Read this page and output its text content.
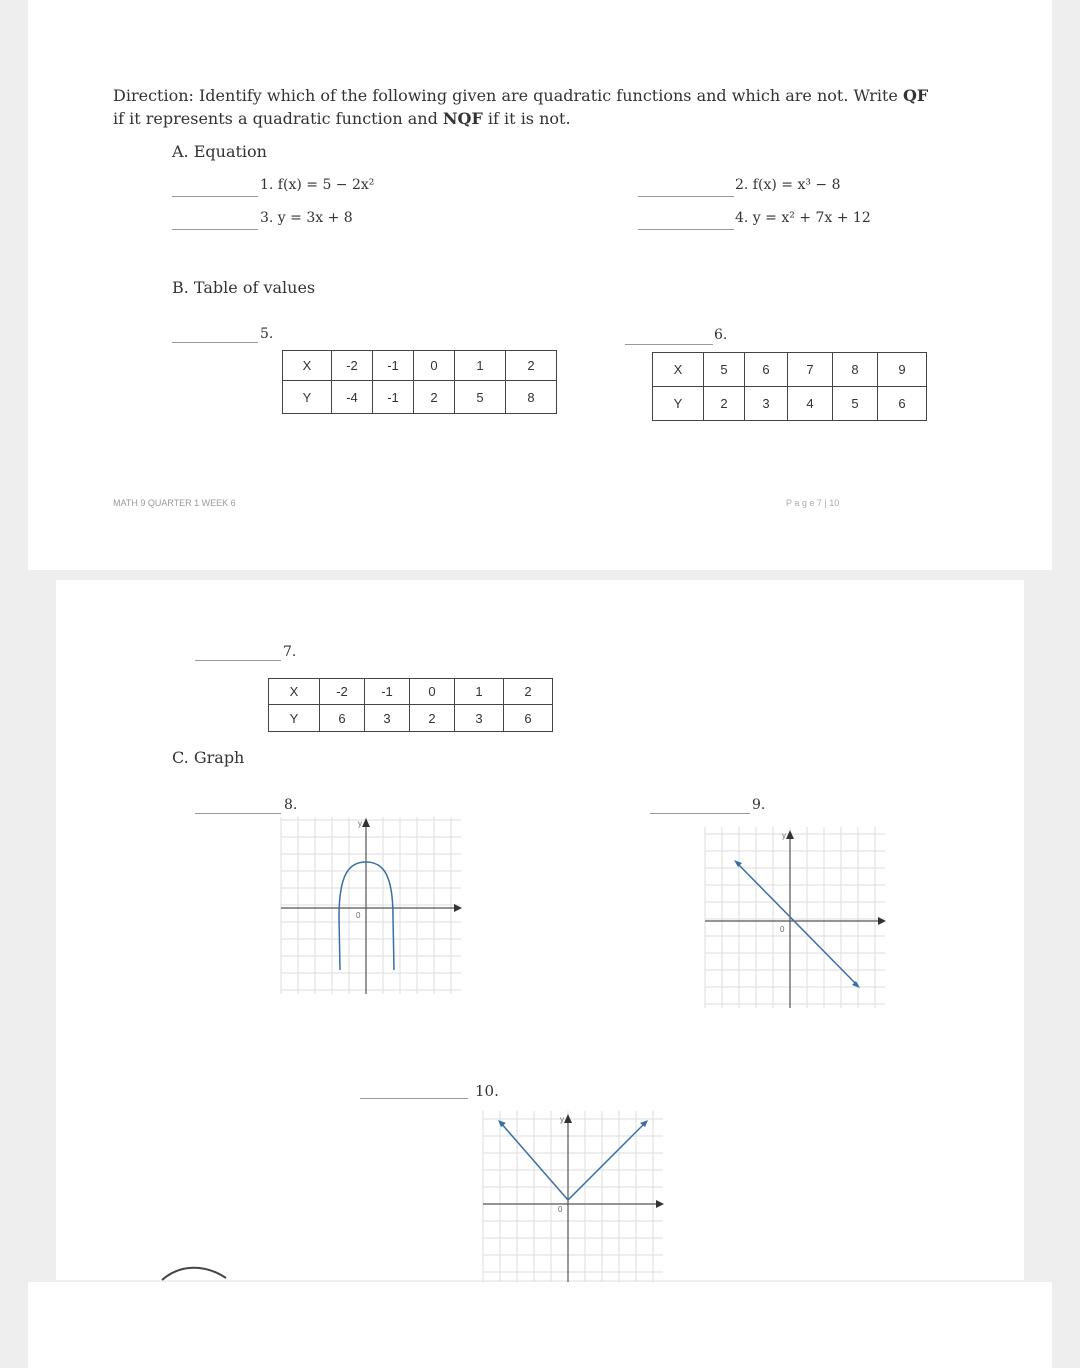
Direction: Identify which of the following given are quadratic functions and which are not. Write QF
if it represents a quadratic function and NQF if it is not.
A. Equation
1. f(x) = 5 − 2x²	2. f(x) = x³ − 8
3. y = 3x + 8	4. y = x² + 7x + 12
B. Table of values
5.
X	-2	-1	0	1	2
Y	-4	-1	2	5	8
6.
X	5	6	7	8	9
Y	2	3	4	5	6
MATH 9 QUARTER 1 WEEK 6	P a g e 7 | 10
7.
X	-2	-1	0	1	2
Y	6	3	2	3	6
C. Graph
8.
y
0
9.
y
0
10.
y
0
